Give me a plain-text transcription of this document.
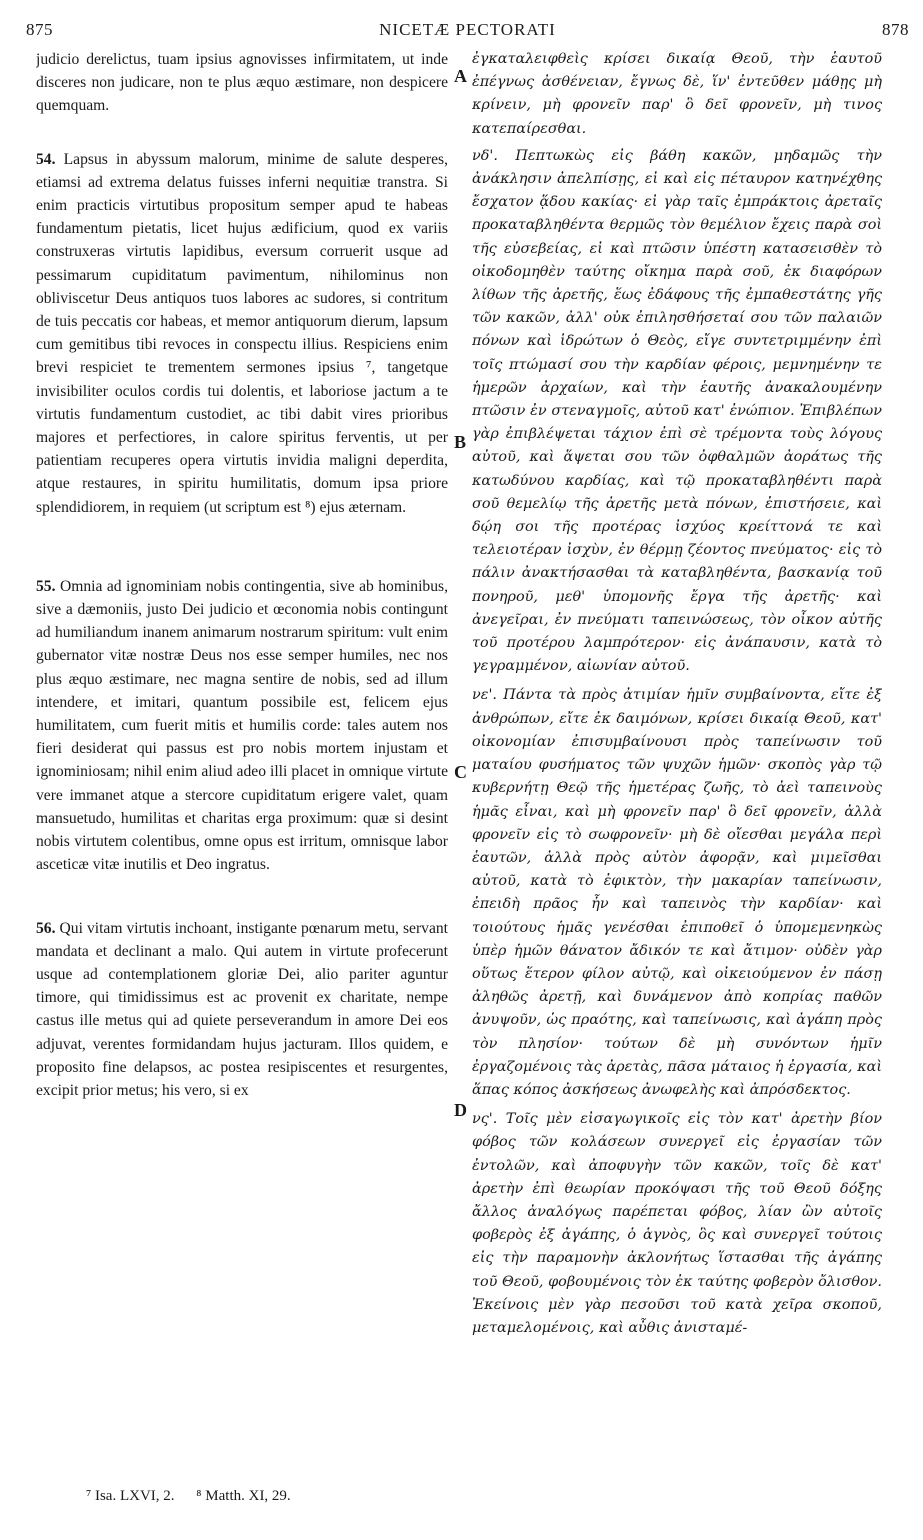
875	NICETÆ PECTORATI	878

judicio derelictus, tuam ipsius agnovisses infirmitatem, ut inde disceres non judicare, non te plus æquo æstimare, non despicere quemquam.

54. Lapsus in abyssum malorum, minime de salute desperes, etiamsi ad extrema delatus fuisses inferni nequitiæ transtra. Si enim practicis virtutibus propositum semper apud te habeas fundamentum pietatis, licet hujus ædificium, quod ex variis construxeras virtutis lapidibus, eversum corruerit usque ad pessimarum cupiditatum pavimentum, nihilominus non obliviscetur Deus antiquos tuos labores ac sudores, si contritum de tuis peccatis cor habeas, et memor antiquorum dierum, lapsum cum gemitibus tibi revoces in conspectu illius. Respiciens enim brevi respiciet te trementem sermones ipsius ⁷, tangetque invisibiliter oculos cordis tui dolentis, et laboriose jactum a te virtutis fundamentum custodiet, ac tibi dabit vires prioribus majores et perfectiores, in calore spiritus ferventis, ut per patientiam recuperes opera virtutis invidia maligni deperdita, atque restaures, in spiritu humilitatis, domum ipsa priore splendidiorem, in requiem (ut scriptum est ⁸) ejus æternam.

55. Omnia ad ignominiam nobis contingentia, sive ab hominibus, sive a dæmoniis, justo Dei judicio et œconomia nobis contingunt ad humiliandum inanem animarum nostrarum spiritum: vult enim gubernator vitæ nostræ Deus nos esse semper humiles, nec nos plus æquo æstimare, nec magna sentire de nobis, sed ad illum intendere, et imitari, quantum possibile est, felicem ejus humilitatem, cum fuerit mitis et humilis corde: tales autem nos fieri desiderat qui passus est pro nobis mortem injustam et ignominiosam; nihil enim aliud adeo illi placet in omnique virtute vere immanet atque a stercore cupiditatum erigere valet, quam mansuetudo, humilitas et charitas erga proximum: quæ si desint nobis virtutem colentibus, omne opus est irritum, omnisque labor asceticæ vitæ inutilis et Deo ingratus.

56. Qui vitam virtutis inchoant, instigante pœnarum metu, servant mandata et declinant a malo. Qui autem in virtute profecerunt usque ad contemplationem gloriæ Dei, alio pariter aguntur timore, qui timidissimus est ac provenit ex charitate, nempe castus ille metus qui ad quiete perseverandum in amore Dei eos adjuvat, verentes formidandam hujus jacturam. Illos quidem, e proposito fine delapsos, ac postea resipiscentes et resurgentes, excipit prior metus; his vero, si ex

ἐγκαταλειφθεὶς κρίσει δικαίᾳ Θεοῦ, τὴν ἑαυτοῦ ἐπέγνως ἀσθένειαν, ἔγνως δὲ, ἵν' ἐντεῦθεν μάθῃς μὴ κρίνειν, μὴ φρονεῖν παρ' ὃ δεῖ φρονεῖν, μὴ τινος κατεπαίρεσθαι.

νδ'. Πεπτωκὼς εἰς βάθη κακῶν, μηδαμῶς τὴν ἀνάκλησιν ἀπελπίσῃς, εἰ καὶ εἰς πέταυρον κατηνέχθης ἔσχατον ᾅδου κακίας· εἰ γὰρ ταῖς ἐμπράκτοις ἀρεταῖς προκαταβληθέντα θερμῶς τὸν θεμέλιον ἔχεις παρὰ σοὶ τῆς εὐσεβείας, εἰ καὶ πτῶσιν ὑπέστη κατασεισθὲν τὸ οἰκοδομηθὲν ταύτης οἴκημα παρὰ σοῦ, ἐκ διαφόρων λίθων τῆς ἀρετῆς, ἕως ἐδάφους τῆς ἐμπαθεστάτης γῆς τῶν κακῶν, ἀλλ' οὐκ ἐπιλησθήσεταί σου τῶν παλαιῶν πόνων καὶ ἱδρώτων ὁ Θεὸς, εἴγε συντετριμμένην ἐπὶ τοῖς πτώμασί σου τὴν καρδίαν φέροις, μεμνημένην τε ἡμερῶν ἀρχαίων, καὶ τὴν ἑαυτῆς ἀνακαλουμένην πτῶσιν ἐν στεναγμοῖς, αὐτοῦ κατ' ἐνώπιον. Ἐπιβλέπων γὰρ ἐπιβλέψεται τάχιον ἐπὶ σὲ τρέμοντα τοὺς λόγους αὐτοῦ, καὶ ἅψεται σου τῶν ὀφθαλμῶν ἀοράτως τῆς κατωδύνου καρδίας, καὶ τῷ προκαταβληθέντι παρὰ σοῦ θεμελίῳ τῆς ἀρετῆς μετὰ πόνων, ἐπιστήσειε, καὶ δῴη σοι τῆς προτέρας ἰσχύος κρείττονά τε καὶ τελειοτέραν ἰσχὺν, ἐν θέρμῃ ζέοντος πνεύματος· εἰς τὸ πάλιν ἀνακτήσασθαι τὰ καταβληθέντα, βασκανίᾳ τοῦ πονηροῦ, μεθ' ὑπομονῆς ἔργα τῆς ἀρετῆς· καὶ ἀνεγεῖραι, ἐν πνεύματι ταπεινώσεως, τὸν οἶκον αὐτῆς τοῦ προτέρου λαμπρότερον· εἰς ἀνάπαυσιν, κατὰ τὸ γεγραμμένον, αἰωνίαν αὐτοῦ.

νε'. Πάντα τὰ πρὸς ἀτιμίαν ἡμῖν συμβαίνοντα, εἴτε ἐξ ἀνθρώπων, εἴτε ἐκ δαιμόνων, κρίσει δικαίᾳ Θεοῦ, κατ' οἰκονομίαν ἐπισυμβαίνουσι πρὸς ταπείνωσιν τοῦ ματαίου φυσήματος τῶν ψυχῶν ἡμῶν· σκοπὸς γὰρ τῷ κυβερνήτῃ Θεῷ τῆς ἡμετέρας ζωῆς, τὸ ἀεὶ ταπεινοὺς ἡμᾶς εἶναι, καὶ μὴ φρονεῖν παρ' ὃ δεῖ φρονεῖν, ἀλλὰ φρονεῖν εἰς τὸ σωφρονεῖν· μὴ δὲ οἴεσθαι μεγάλα περὶ ἑαυτῶν, ἀλλὰ πρὸς αὐτὸν ἀφορᾷν, καὶ μιμεῖσθαι αὐτοῦ, κατὰ τὸ ἐφικτὸν, τὴν μακαρίαν ταπείνωσιν, ἐπειδὴ πρᾶος ἦν καὶ ταπεινὸς τὴν καρδίαν· καὶ τοιούτους ἡμᾶς γενέσθαι ἐπιποθεῖ ὁ ὑπομεμενηκὼς ὑπὲρ ἡμῶν θάνατον ἄδικόν τε καὶ ἄτιμον· οὐδὲν γὰρ οὕτως ἕτερον φίλον αὐτῷ, καὶ οἰκειούμενον ἐν πάσῃ ἀληθῶς ἀρετῇ, καὶ δυνάμενον ἀπὸ κοπρίας παθῶν ἀνυψοῦν, ὡς πραότης, καὶ ταπείνωσις, καὶ ἀγάπη πρὸς τὸν πλησίον· τούτων δὲ μὴ συνόντων ἡμῖν ἐργαζομένοις τὰς ἀρετὰς, πᾶσα μάταιος ἡ ἐργασία, καὶ ἅπας κόπος ἀσκήσεως ἀνωφελὴς καὶ ἀπρόσδεκτος.

νς'. Τοῖς μὲν εἰσαγωγικοῖς εἰς τὸν κατ' ἀρετὴν βίον φόβος τῶν κολάσεων συνεργεῖ εἰς ἐργασίαν τῶν ἐντολῶν, καὶ ἀποφυγὴν τῶν κακῶν, τοῖς δὲ κατ' ἀρετὴν ἐπὶ θεωρίαν προκόψασι τῆς τοῦ Θεοῦ δόξης ἄλλος ἀναλόγως παρέπεται φόβος, λίαν ὢν αὐτοῖς φοβερὸς ἐξ ἀγάπης, ὁ ἁγνὸς, ὃς καὶ συνεργεῖ τούτοις εἰς τὴν παραμονὴν ἀκλονήτως ἵστασθαι τῆς ἀγάπης τοῦ Θεοῦ, φοβουμένοις τὸν ἐκ ταύτης φοβερὸν ὄλισθον. Ἐκείνοις μὲν γὰρ πεσοῦσι τοῦ κατὰ χεῖρα σκοποῦ, μεταμελομένοις, καὶ αὖθις ἀνισταμέ-

A
B
C
D
⁷ Isa. LXVI, 2. ⁸ Matth. XI, 29.
